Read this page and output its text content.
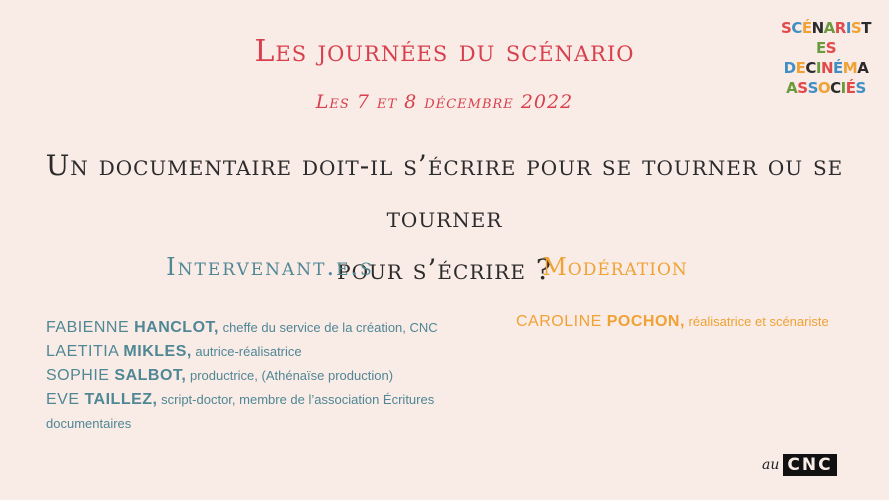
SCÉNARISTES
DECINÉMA
ASSOCIÉS
Les journées du scénario
Les 7 et 8 décembre 2022
Un documentaire doit-il s’écrire pour se tourner ou se tourner
pour s’écrire ?
Intervenant.e.s	Modération
FABIENNE HANCLOT, cheffe du service de la création, CNC
LAETITIA MIKLES, autrice-réalisatrice
SOPHIE SALBOT, productrice, (Athénaïse production)
EVE TAILLEZ, script-doctor, membre de l’association Écritures documentaires
CAROLINE POCHON, réalisatrice et scénariste
au CNC
